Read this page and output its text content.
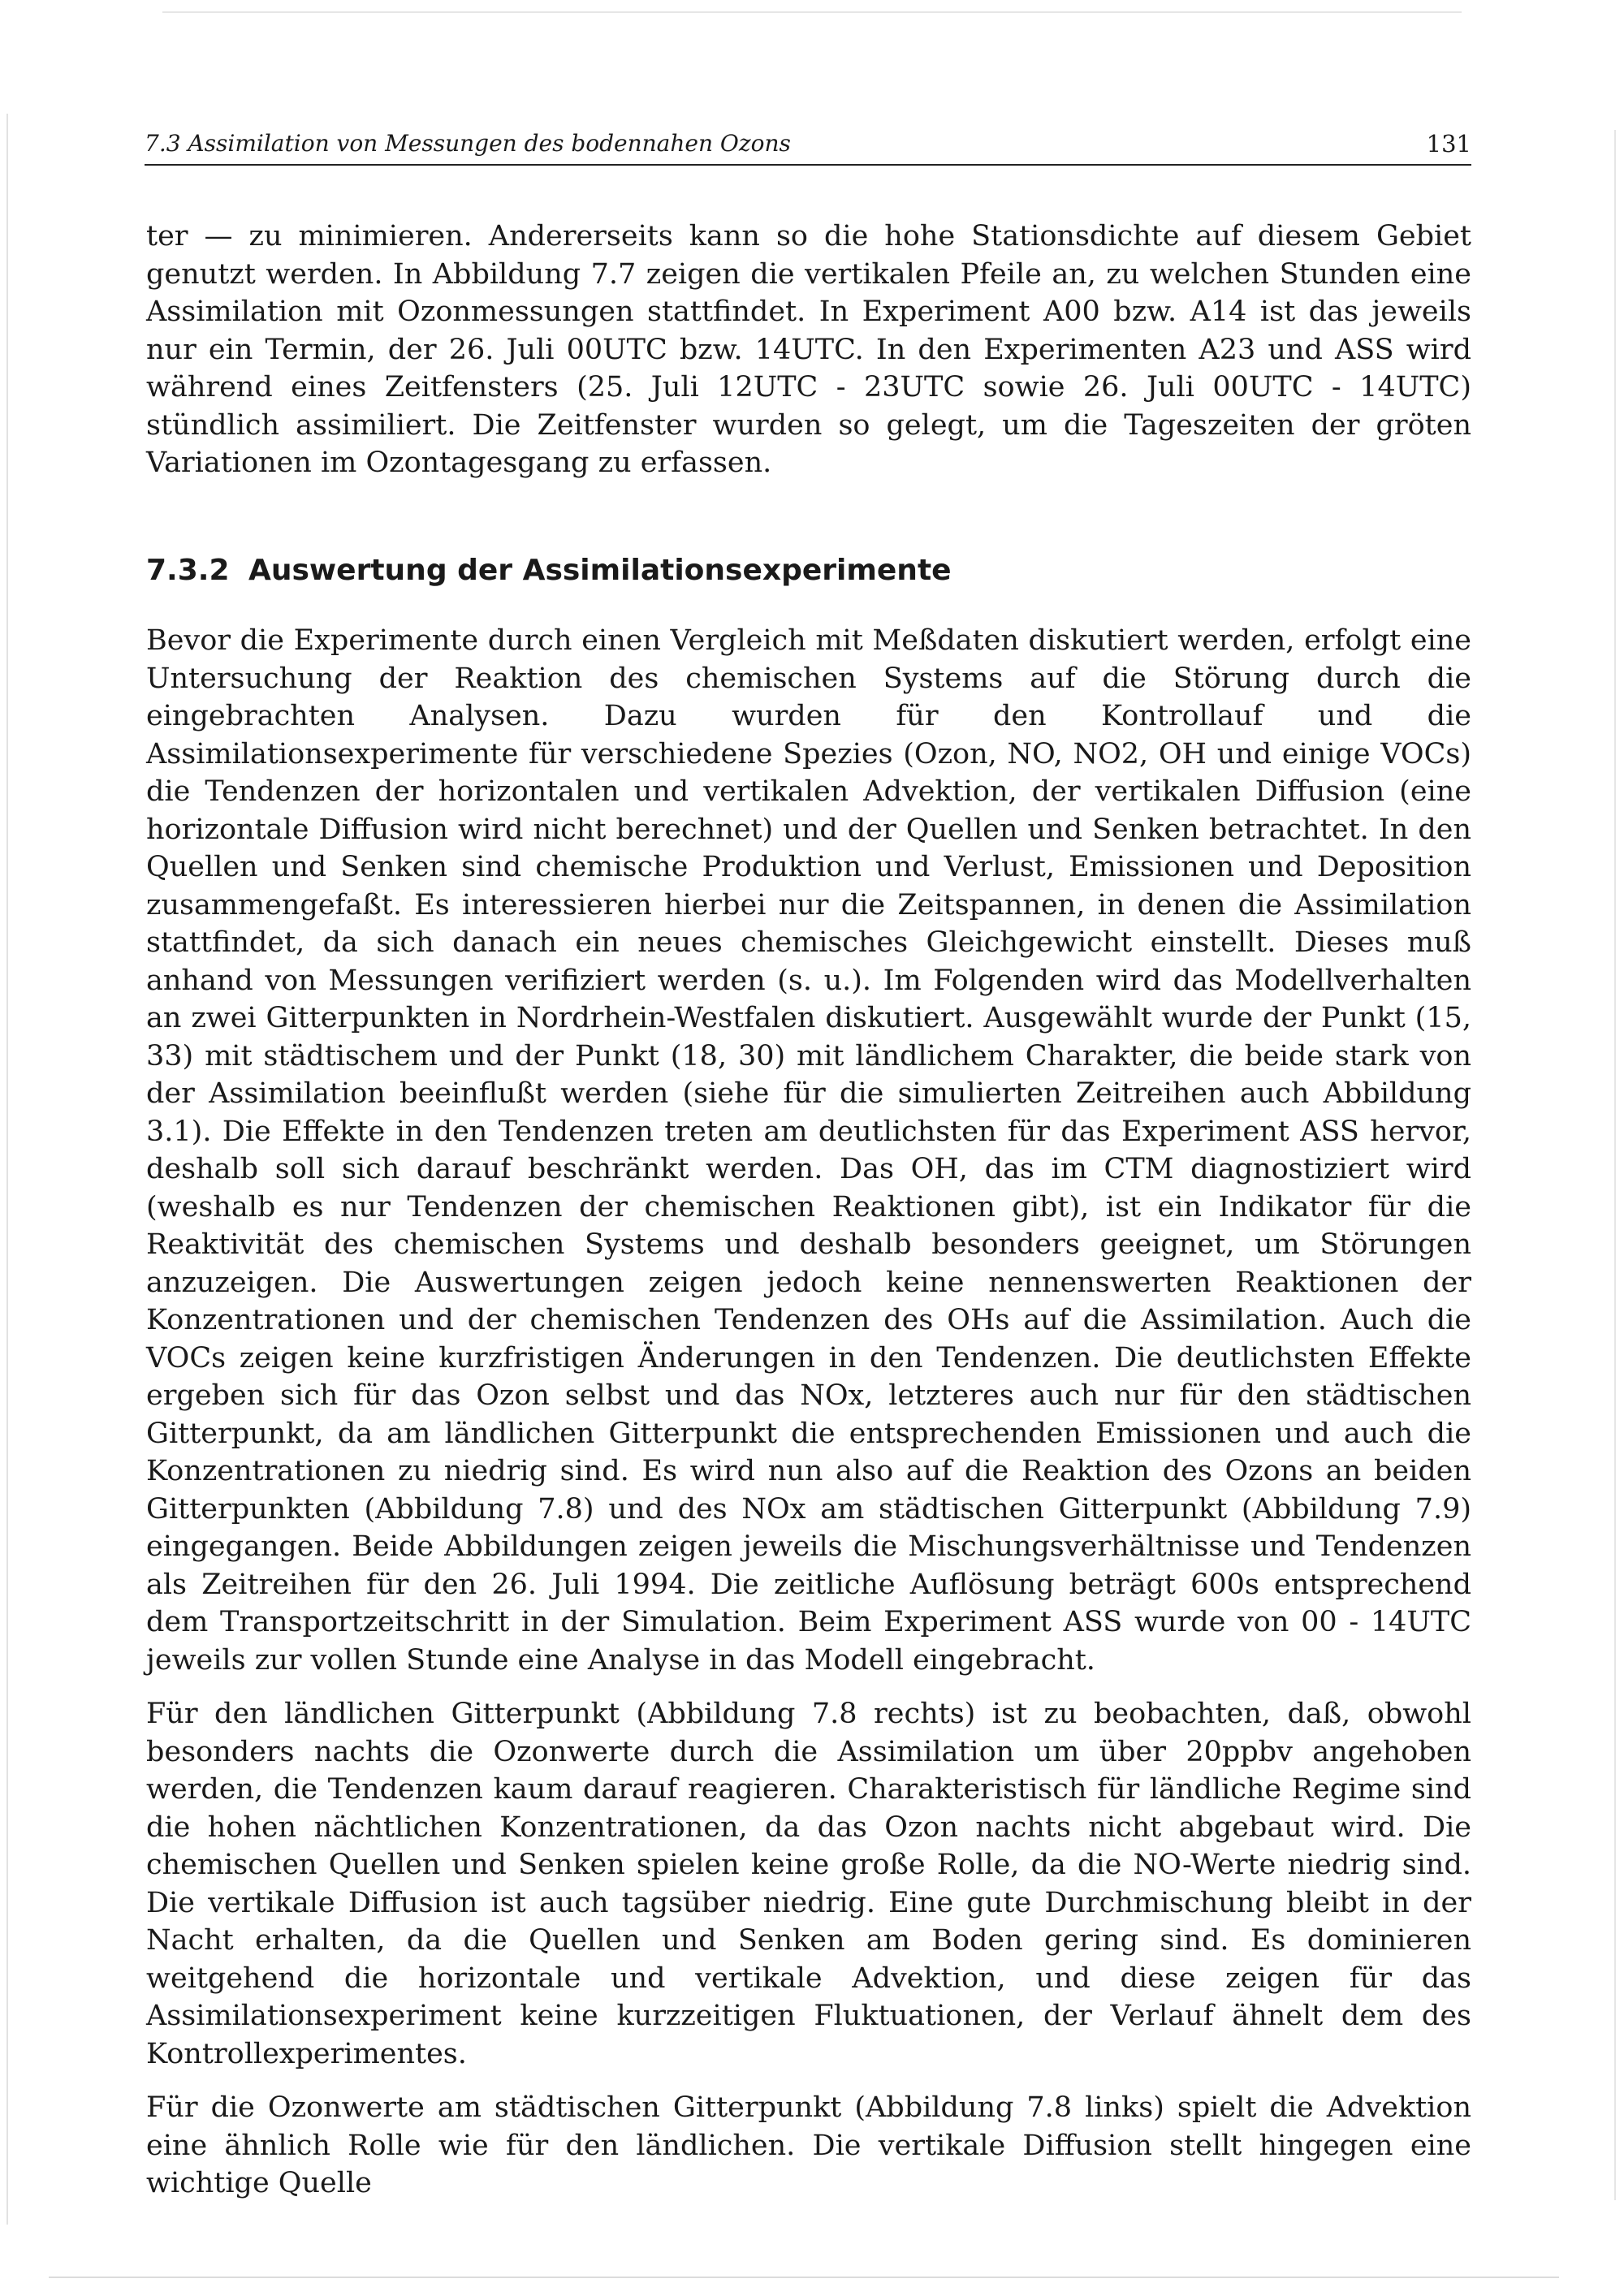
7.3 Assimilation von Messungen des bodennahen Ozons	131

ter — zu minimieren. Andererseits kann so die hohe Stationsdichte auf diesem Gebiet genutzt werden. In Abbildung 7.7 zeigen die vertikalen Pfeile an, zu welchen Stunden eine Assimilation mit Ozonmessungen stattfindet. In Experiment A00 bzw. A14 ist das jeweils nur ein Termin, der 26. Juli 00UTC bzw. 14UTC. In den Experimenten A23 und ASS wird während eines Zeitfensters (25. Juli 12UTC - 23UTC sowie 26. Juli 00UTC - 14UTC) stündlich assimiliert. Die Zeitfenster wurden so gelegt, um die Tageszeiten der gröten Variationen im Ozontagesgang zu erfassen.

7.3.2 Auswertung der Assimilationsexperimente

Bevor die Experimente durch einen Vergleich mit Meßdaten diskutiert werden, erfolgt eine Untersuchung der Reaktion des chemischen Systems auf die Störung durch die eingebrachten Analysen. Dazu wurden für den Kontrollauf und die Assimilationsexperimente für verschiedene Spezies (Ozon, NO, NO2, OH und einige VOCs) die Tendenzen der horizontalen und vertikalen Advektion, der vertikalen Diffusion (eine horizontale Diffusion wird nicht berechnet) und der Quellen und Senken betrachtet. In den Quellen und Senken sind chemische Produktion und Verlust, Emissionen und Deposition zusammengefaßt. Es interessieren hierbei nur die Zeitspannen, in denen die Assimilation stattfindet, da sich danach ein neues chemisches Gleichgewicht einstellt. Dieses muß anhand von Messungen verifiziert werden (s. u.). Im Folgenden wird das Modellverhalten an zwei Gitterpunkten in Nordrhein-Westfalen diskutiert. Ausgewählt wurde der Punkt (15, 33) mit städtischem und der Punkt (18, 30) mit ländlichem Charakter, die beide stark von der Assimilation beeinflußt werden (siehe für die simulierten Zeitreihen auch Abbildung 3.1). Die Effekte in den Tendenzen treten am deutlichsten für das Experiment ASS hervor, deshalb soll sich darauf beschränkt werden. Das OH, das im CTM diagnostiziert wird (weshalb es nur Tendenzen der chemischen Reaktionen gibt), ist ein Indikator für die Reaktivität des chemischen Systems und deshalb besonders geeignet, um Störungen anzuzeigen. Die Auswertungen zeigen jedoch keine nennenswerten Reaktionen der Konzentrationen und der chemischen Tendenzen des OHs auf die Assimilation. Auch die VOCs zeigen keine kurzfristigen Änderungen in den Tendenzen. Die deutlichsten Effekte ergeben sich für das Ozon selbst und das NOx, letzteres auch nur für den städtischen Gitterpunkt, da am ländlichen Gitterpunkt die entsprechenden Emissionen und auch die Konzentrationen zu niedrig sind. Es wird nun also auf die Reaktion des Ozons an beiden Gitterpunkten (Abbildung 7.8) und des NOx am städtischen Gitterpunkt (Abbildung 7.9) eingegangen. Beide Abbildungen zeigen jeweils die Mischungsverhältnisse und Tendenzen als Zeitreihen für den 26. Juli 1994. Die zeitliche Auflösung beträgt 600s entsprechend dem Transportzeitschritt in der Simulation. Beim Experiment ASS wurde von 00 - 14UTC jeweils zur vollen Stunde eine Analyse in das Modell eingebracht.

Für den ländlichen Gitterpunkt (Abbildung 7.8 rechts) ist zu beobachten, daß, obwohl besonders nachts die Ozonwerte durch die Assimilation um über 20ppbv angehoben werden, die Tendenzen kaum darauf reagieren. Charakteristisch für ländliche Regime sind die hohen nächtlichen Konzentrationen, da das Ozon nachts nicht abgebaut wird. Die chemischen Quellen und Senken spielen keine große Rolle, da die NO-Werte niedrig sind. Die vertikale Diffusion ist auch tagsüber niedrig. Eine gute Durchmischung bleibt in der Nacht erhalten, da die Quellen und Senken am Boden gering sind. Es dominieren weitgehend die horizontale und vertikale Advektion, und diese zeigen für das Assimilationsexperiment keine kurzzeitigen Fluktuationen, der Verlauf ähnelt dem des Kontrollexperimentes.

Für die Ozonwerte am städtischen Gitterpunkt (Abbildung 7.8 links) spielt die Advektion eine ähnlich Rolle wie für den ländlichen. Die vertikale Diffusion stellt hingegen eine wichtige Quelle
